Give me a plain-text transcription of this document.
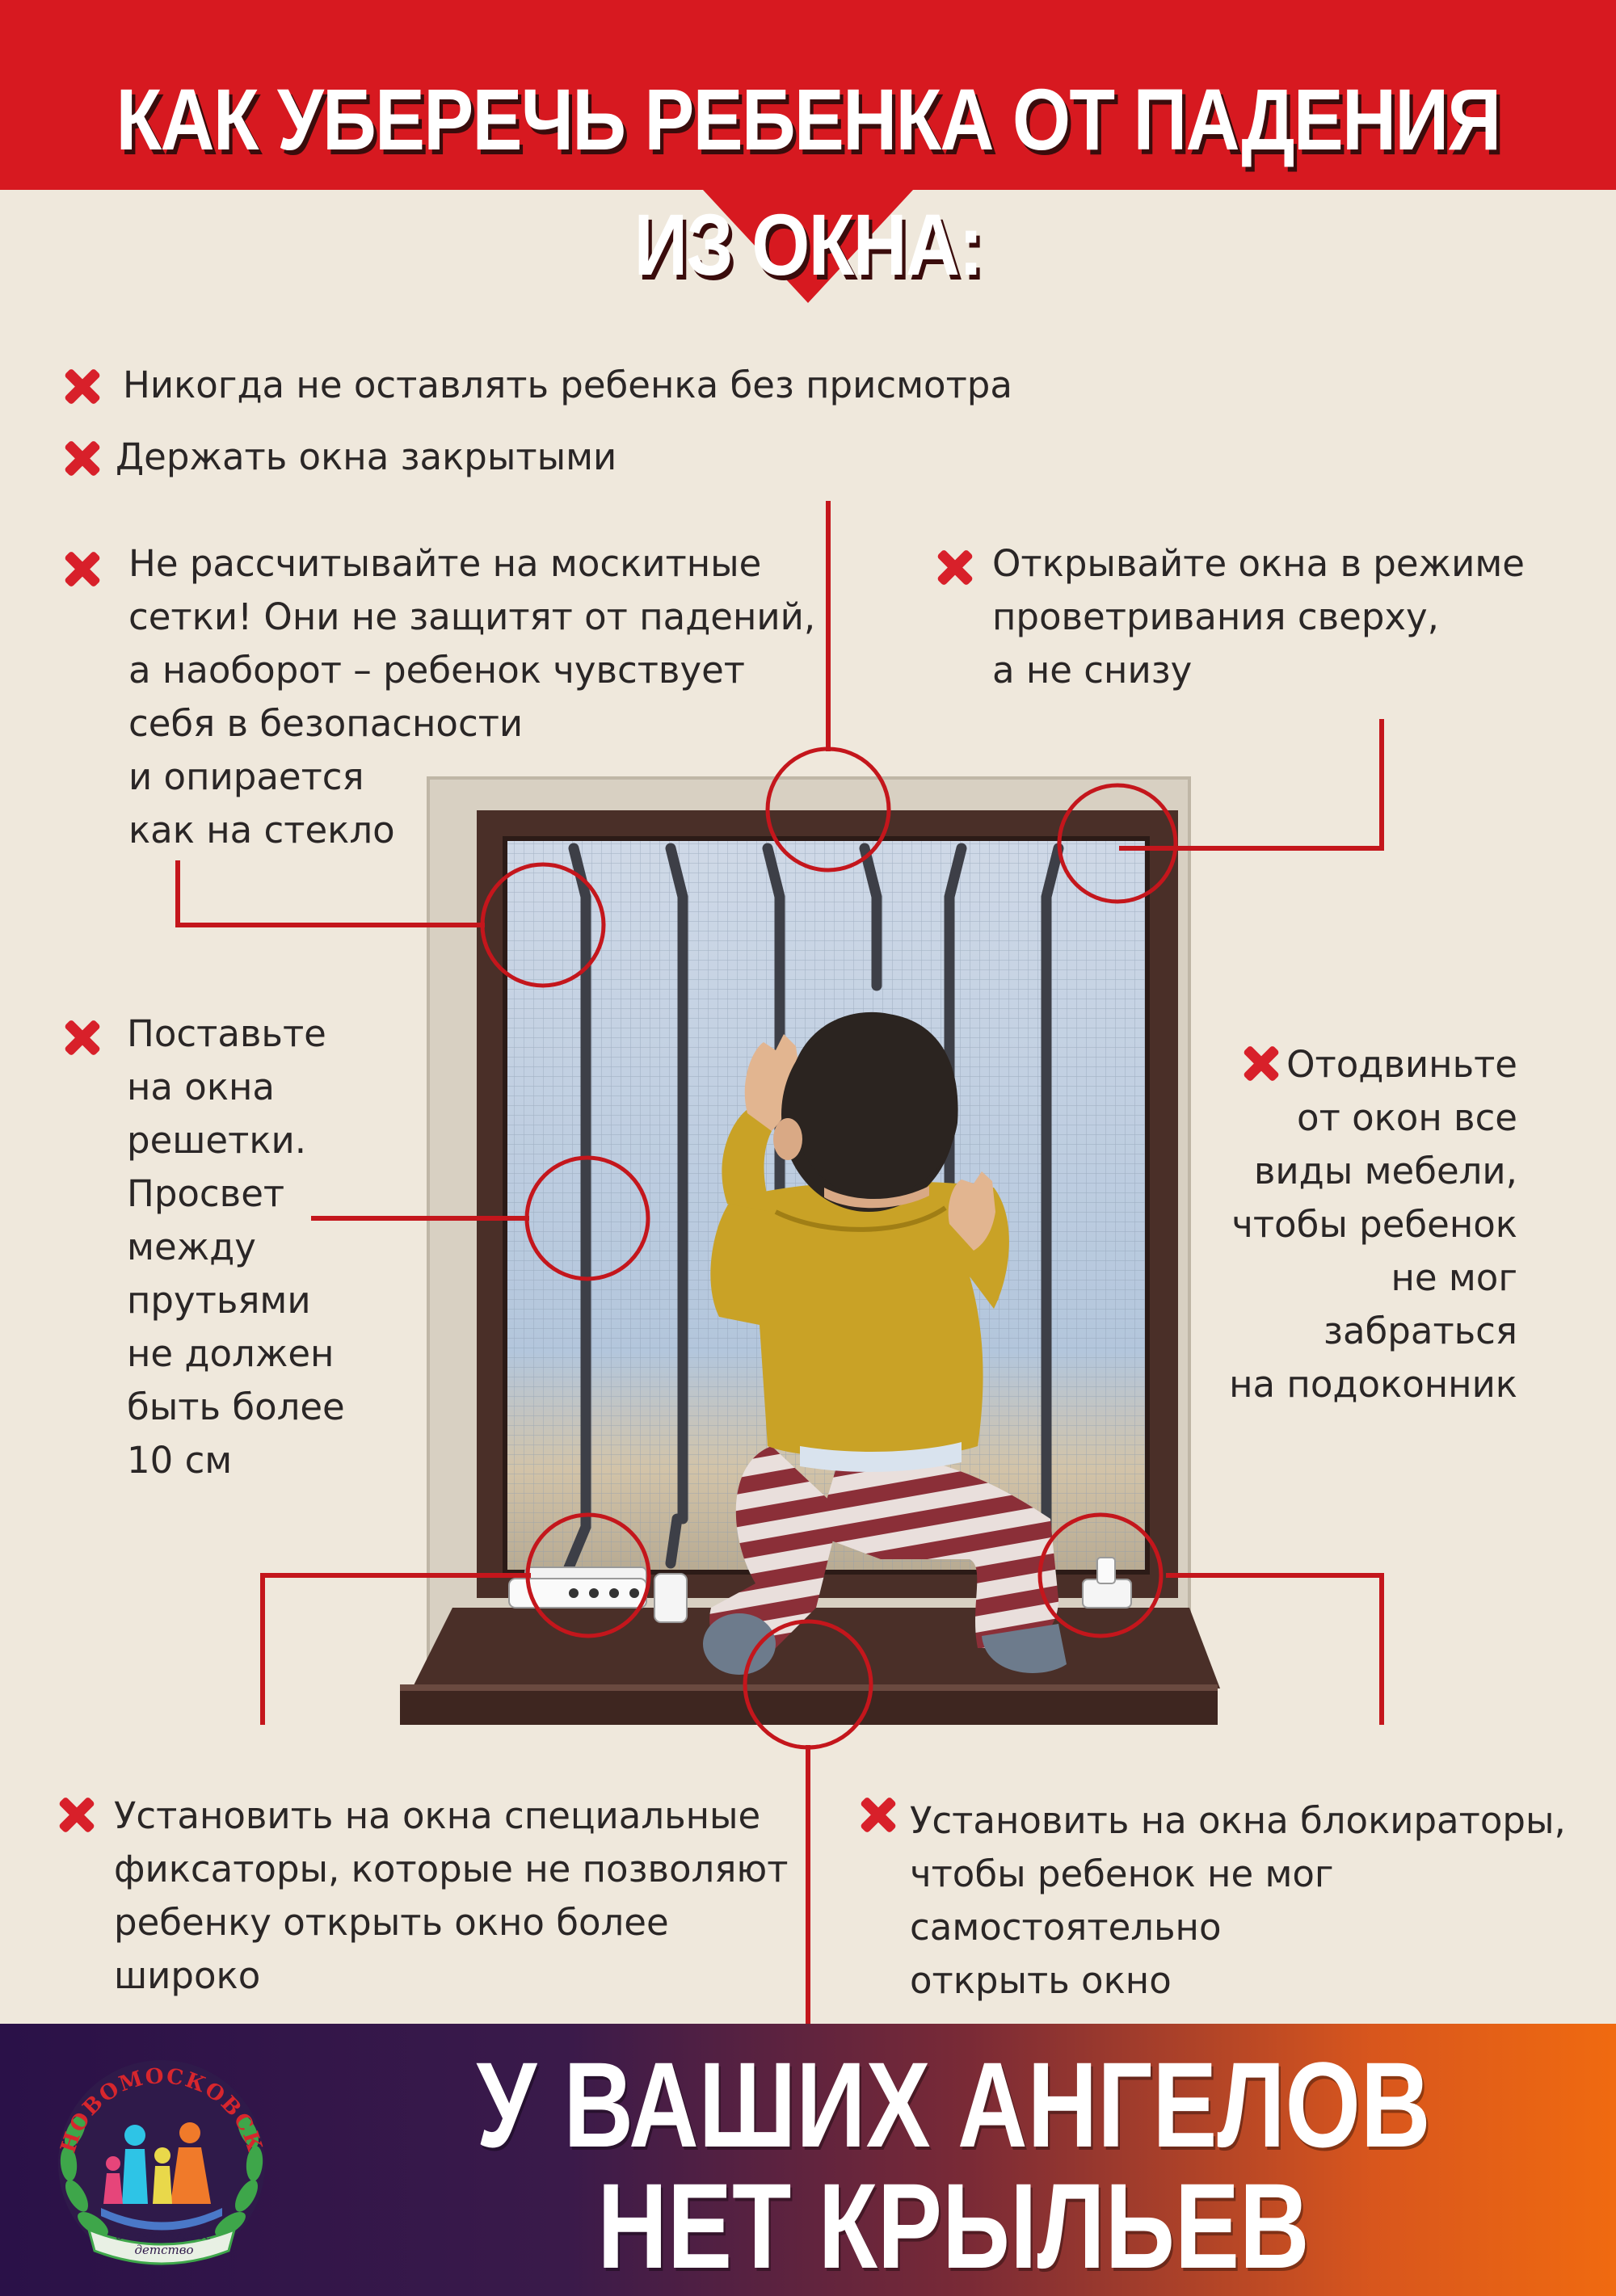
КАК УБЕРЕЧЬ РЕБЕНКА ОТ ПАДЕНИЯ
ИЗ ОКНА:
Никогда не оставлять ребенка без присмотра
Держать окна закрытыми
Не рассчитывайте на москитные
сетки! Они не защитят от падений,
а наоборот – ребенок чувствует
себя в безопасности
и опирается
как на стекло
Открывайте окна в режиме
проветривания сверху,
а не снизу
Поставьте
на окна
решетки.
Просвет
между
прутьями
не должен
быть более
10 см
Отодвиньте
от окон все
виды мебели,
чтобы ребенок
не мог забраться
на подоконник
Установить на окна специальные
фиксаторы, которые не позволяют
ребенку открыть окно более
широко
Установить на окна блокираторы,
чтобы ребенок не мог
самостоятельно
открыть окно
У ВАШИХ АНГЕЛОВ
НЕТ КРЫЛЬЕВ
За счастливое
детство
НОВОМОСКОВСК
